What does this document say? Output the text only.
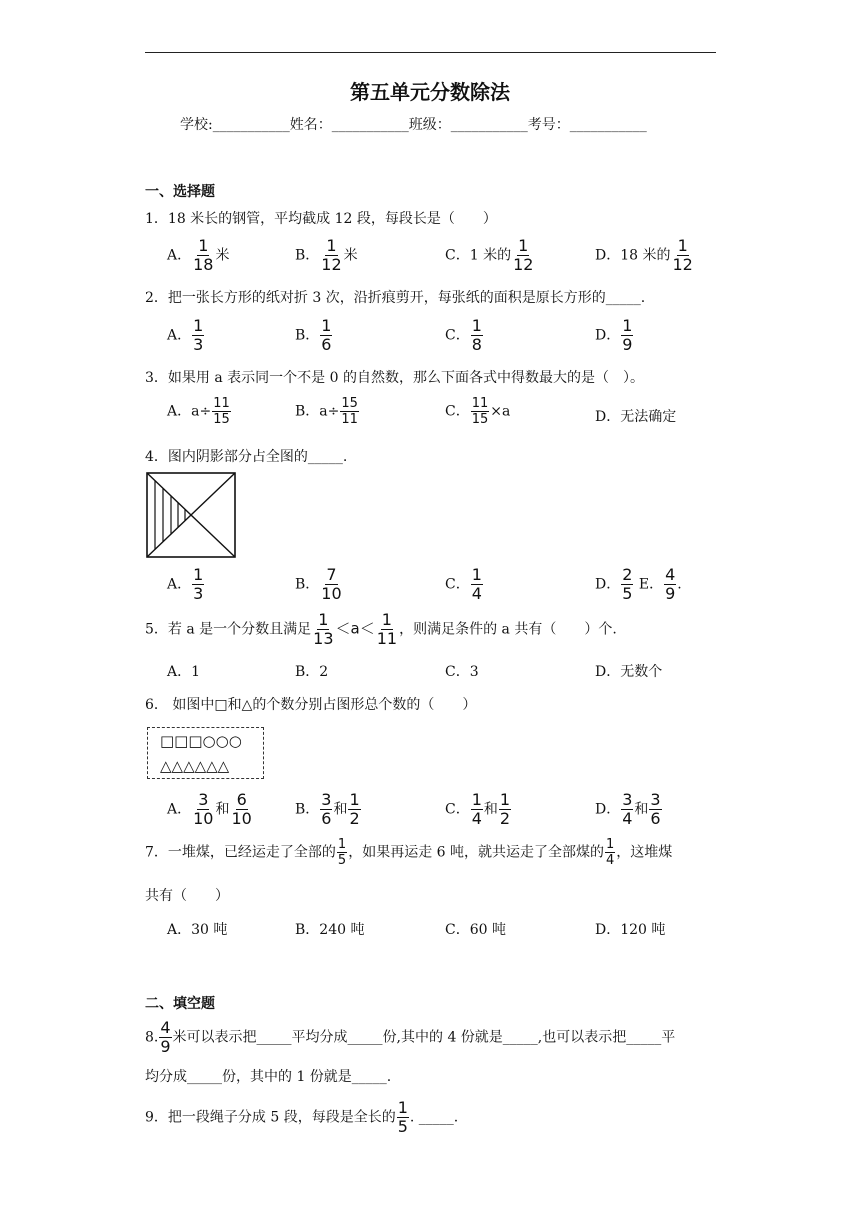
第五单元分数除法
学校:___________姓名：___________班级：___________考号：___________
一、选择题
1．18 米长的钢管，平均截成 12 段，每段长是（　　）
A． $\frac{1}{18}$ 米	B． $\frac{1}{12}$ 米	C．1 米的 $\frac{1}{12}$	D．18 米的 $\frac{1}{12}$
2．把一张长方形的纸对折 3 次，沿折痕剪开，每张纸的面积是原长方形的_____.
A． $\frac{1}{3}$	B． $\frac{1}{6}$	C． $\frac{1}{8}$	D． $\frac{1}{9}$
3．如果用 a 表示同一个不是 0 的自然数，那么下面各式中得数最大的是（　）。
A．$a\div \frac{11}{15}$	B．$a\div \frac{15}{11}$	C． $\frac{11}{15} \times a$	D．无法确定
4．图内阴影部分占全图的_____.
A． $\frac{1}{3}$	B． $\frac{7}{10}$	C． $\frac{1}{4}$	D． $\frac{2}{5}$ E． $\frac{4}{9}$ .
5．若 a 是一个分数且满足 $\frac{1}{13} <a< \frac{1}{11}$ ，则满足条件的 a 共有（　　）个.
A．1	B．2	C．3	D．无数个
6． 如图中□和△的个数分别占图形总个数的（　　）
□□□○○○
△△△△△△
A． $\frac{3}{10}$ 和 $\frac{6}{10}$	B． $\frac{3}{6}$ 和 $\frac{1}{2}$	C． $\frac{1}{4}$ 和 $\frac{1}{2}$	D． $\frac{3}{4}$ 和 $\frac{3}{6}$
7．一堆煤，已经运走了全部的 $\frac{1}{5}$ ，如果再运走 6 吨，就共运走了全部煤的 $\frac{1}{4}$ ，这堆煤
共有（　　）
A．30 吨	B．240 吨	C．60 吨	D．120 吨
二、填空题
8. $\frac{4}{9}$ 米可以表示把_____平均分成_____份,其中的 4 份就是_____,也可以表示把_____平
均分成_____份，其中的 1 份就是_____.
9．把一段绳子分成 5 段，每段是全长的 $\frac{1}{5}$ . _____.
